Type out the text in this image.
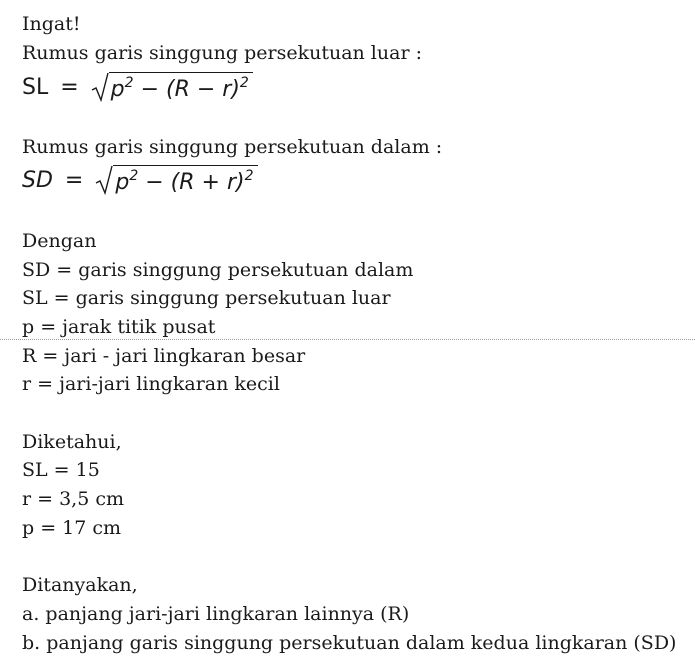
Ingat!
Rumus garis singgung persekutuan luar :
SL = $p^2 - (R - r)^2$
Rumus garis singgung persekutuan dalam :
SD = $p^2 - (R + r)^2$
Dengan
SD = garis singgung persekutuan dalam
SL = garis singgung persekutuan luar
p = jarak titik pusat
R = jari - jari lingkaran besar
r = jari-jari lingkaran kecil
Diketahui,
SL = 15
r = 3,5 cm
p = 17 cm
Ditanyakan,
a. panjang jari-jari lingkaran lainnya (R)
b. panjang garis singgung persekutuan dalam kedua lingkaran (SD)
